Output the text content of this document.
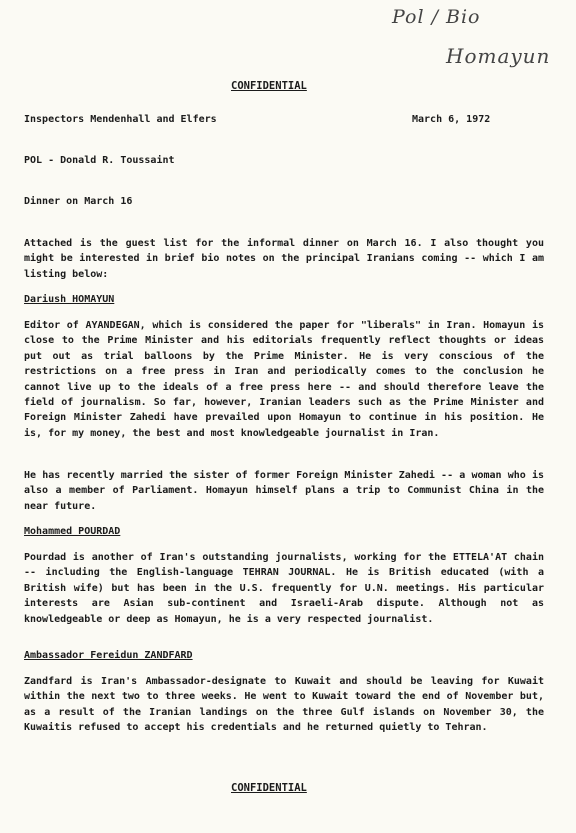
Pol / Bio
Homayun
CONFIDENTIAL
Inspectors Mendenhall and Elfers	March 6, 1972
POL - Donald R. Toussaint
Dinner on March 16
Attached is the guest list for the informal dinner on March 16. I also thought you might be interested in brief bio notes on the principal Iranians coming -- which I am listing below:
Dariush HOMAYUN
Editor of AYANDEGAN, which is considered the paper for "liberals" in Iran. Homayun is close to the Prime Minister and his editorials frequently reflect thoughts or ideas put out as trial balloons by the Prime Minister. He is very conscious of the restrictions on a free press in Iran and periodically comes to the conclusion he cannot live up to the ideals of a free press here -- and should therefore leave the field of journalism. So far, however, Iranian leaders such as the Prime Minister and Foreign Minister Zahedi have prevailed upon Homayun to continue in his position. He is, for my money, the best and most knowledgeable journalist in Iran.
He has recently married the sister of former Foreign Minister Zahedi -- a woman who is also a member of Parliament. Homayun himself plans a trip to Communist China in the near future.
Mohammed POURDAD
Pourdad is another of Iran's outstanding journalists, working for the ETTELA'AT chain -- including the English-language TEHRAN JOURNAL. He is British educated (with a British wife) but has been in the U.S. frequently for U.N. meetings. His particular interests are Asian sub-continent and Israeli-Arab dispute. Although not as knowledgeable or deep as Homayun, he is a very respected journalist.
Ambassador Fereidun ZANDFARD
Zandfard is Iran's Ambassador-designate to Kuwait and should be leaving for Kuwait within the next two to three weeks. He went to Kuwait toward the end of November but, as a result of the Iranian landings on the three Gulf islands on November 30, the Kuwaitis refused to accept his credentials and he returned quietly to Tehran.
CONFIDENTIAL
